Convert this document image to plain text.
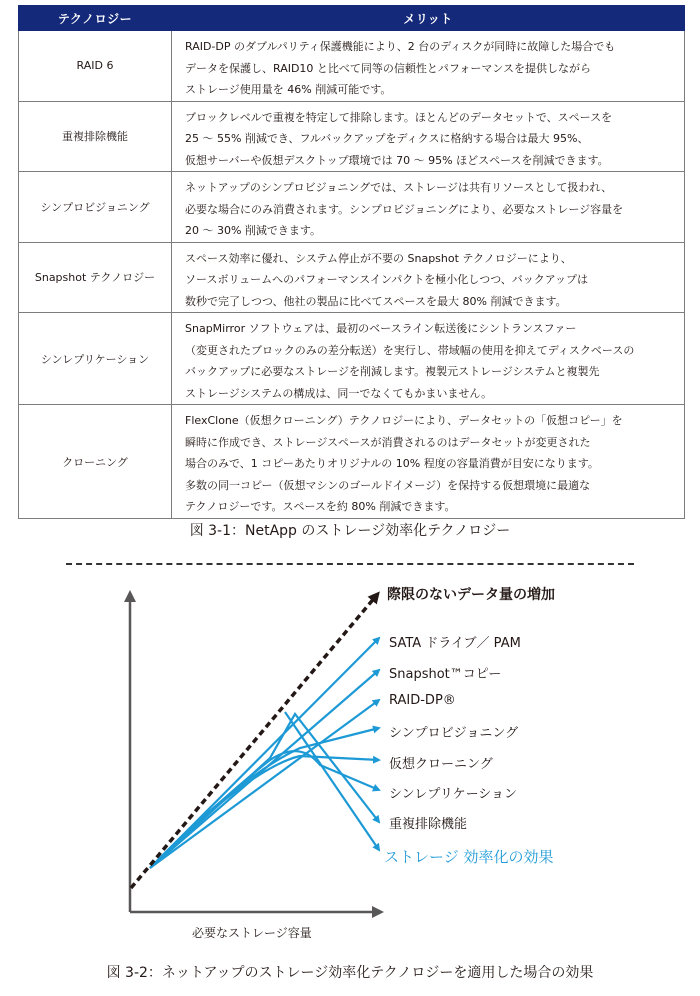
テクノロジー	メリット
RAID 6	RAID-DP のダブルパリティ保護機能により、2 台のディスクが同時に故障した場合でも
データを保護し、RAID10 と比べて同等の信頼性とパフォーマンスを提供しながら
ストレージ使用量を 46% 削減可能です。

重複排除機能	ブロックレベルで重複を特定して排除します。ほとんどのデータセットで、スペースを
25 ～ 55% 削減でき、フルバックアップをディクスに格納する場合は最大 95%、
仮想サーバーや仮想デスクトップ環境では 70 ～ 95% ほどスペースを削減できます。

シンプロビジョニング	ネットアップのシンプロビジョニングでは、ストレージは共有リソースとして扱われ、
必要な場合にのみ消費されます。シンプロビジョニングにより、必要なストレージ容量を
20 ～ 30% 削減できます。

Snapshot テクノロジー	スペース効率に優れ、システム停止が不要の Snapshot テクノロジーにより、
ソースボリュームへのパフォーマンスインパクトを極小化しつつ、バックアップは
数秒で完了しつつ、他社の製品に比べてスペースを最大 80% 削減できます。

シンレプリケーション	SnapMirror ソフトウェアは、最初のベースライン転送後にシントランスファー
（変更されたブロックのみの差分転送）を実行し、帯域幅の使用を抑えてディスクベースの
バックアップに必要なストレージを削減します。複製元ストレージシステムと複製先
ストレージシステムの構成は、同一でなくてもかまいません。

クローニング	FlexClone（仮想クローニング）テクノロジーにより、データセットの「仮想コピー」を
瞬時に作成でき、ストレージスペースが消費されるのはデータセットが変更された
場合のみで、1 コピーあたりオリジナルの 10% 程度の容量消費が目安になります。
多数の同一コピー（仮想マシンのゴールドイメージ）を保持する仮想環境に最適な
テクノロジーです。スペースを約 80% 削減できます。
図 3-1：NetApp のストレージ効率化テクノロジー
際限のないデータ量の増加
SATA ドライブ／ PAM
Snapshot™コピー
RAID-DP®
シンプロビジョニング
仮想クローニング
シンレプリケーション
重複排除機能
ストレージ 効率化の効果
必要なストレージ容量
図 3-2：ネットアップのストレージ効率化テクノロジーを適用した場合の効果
